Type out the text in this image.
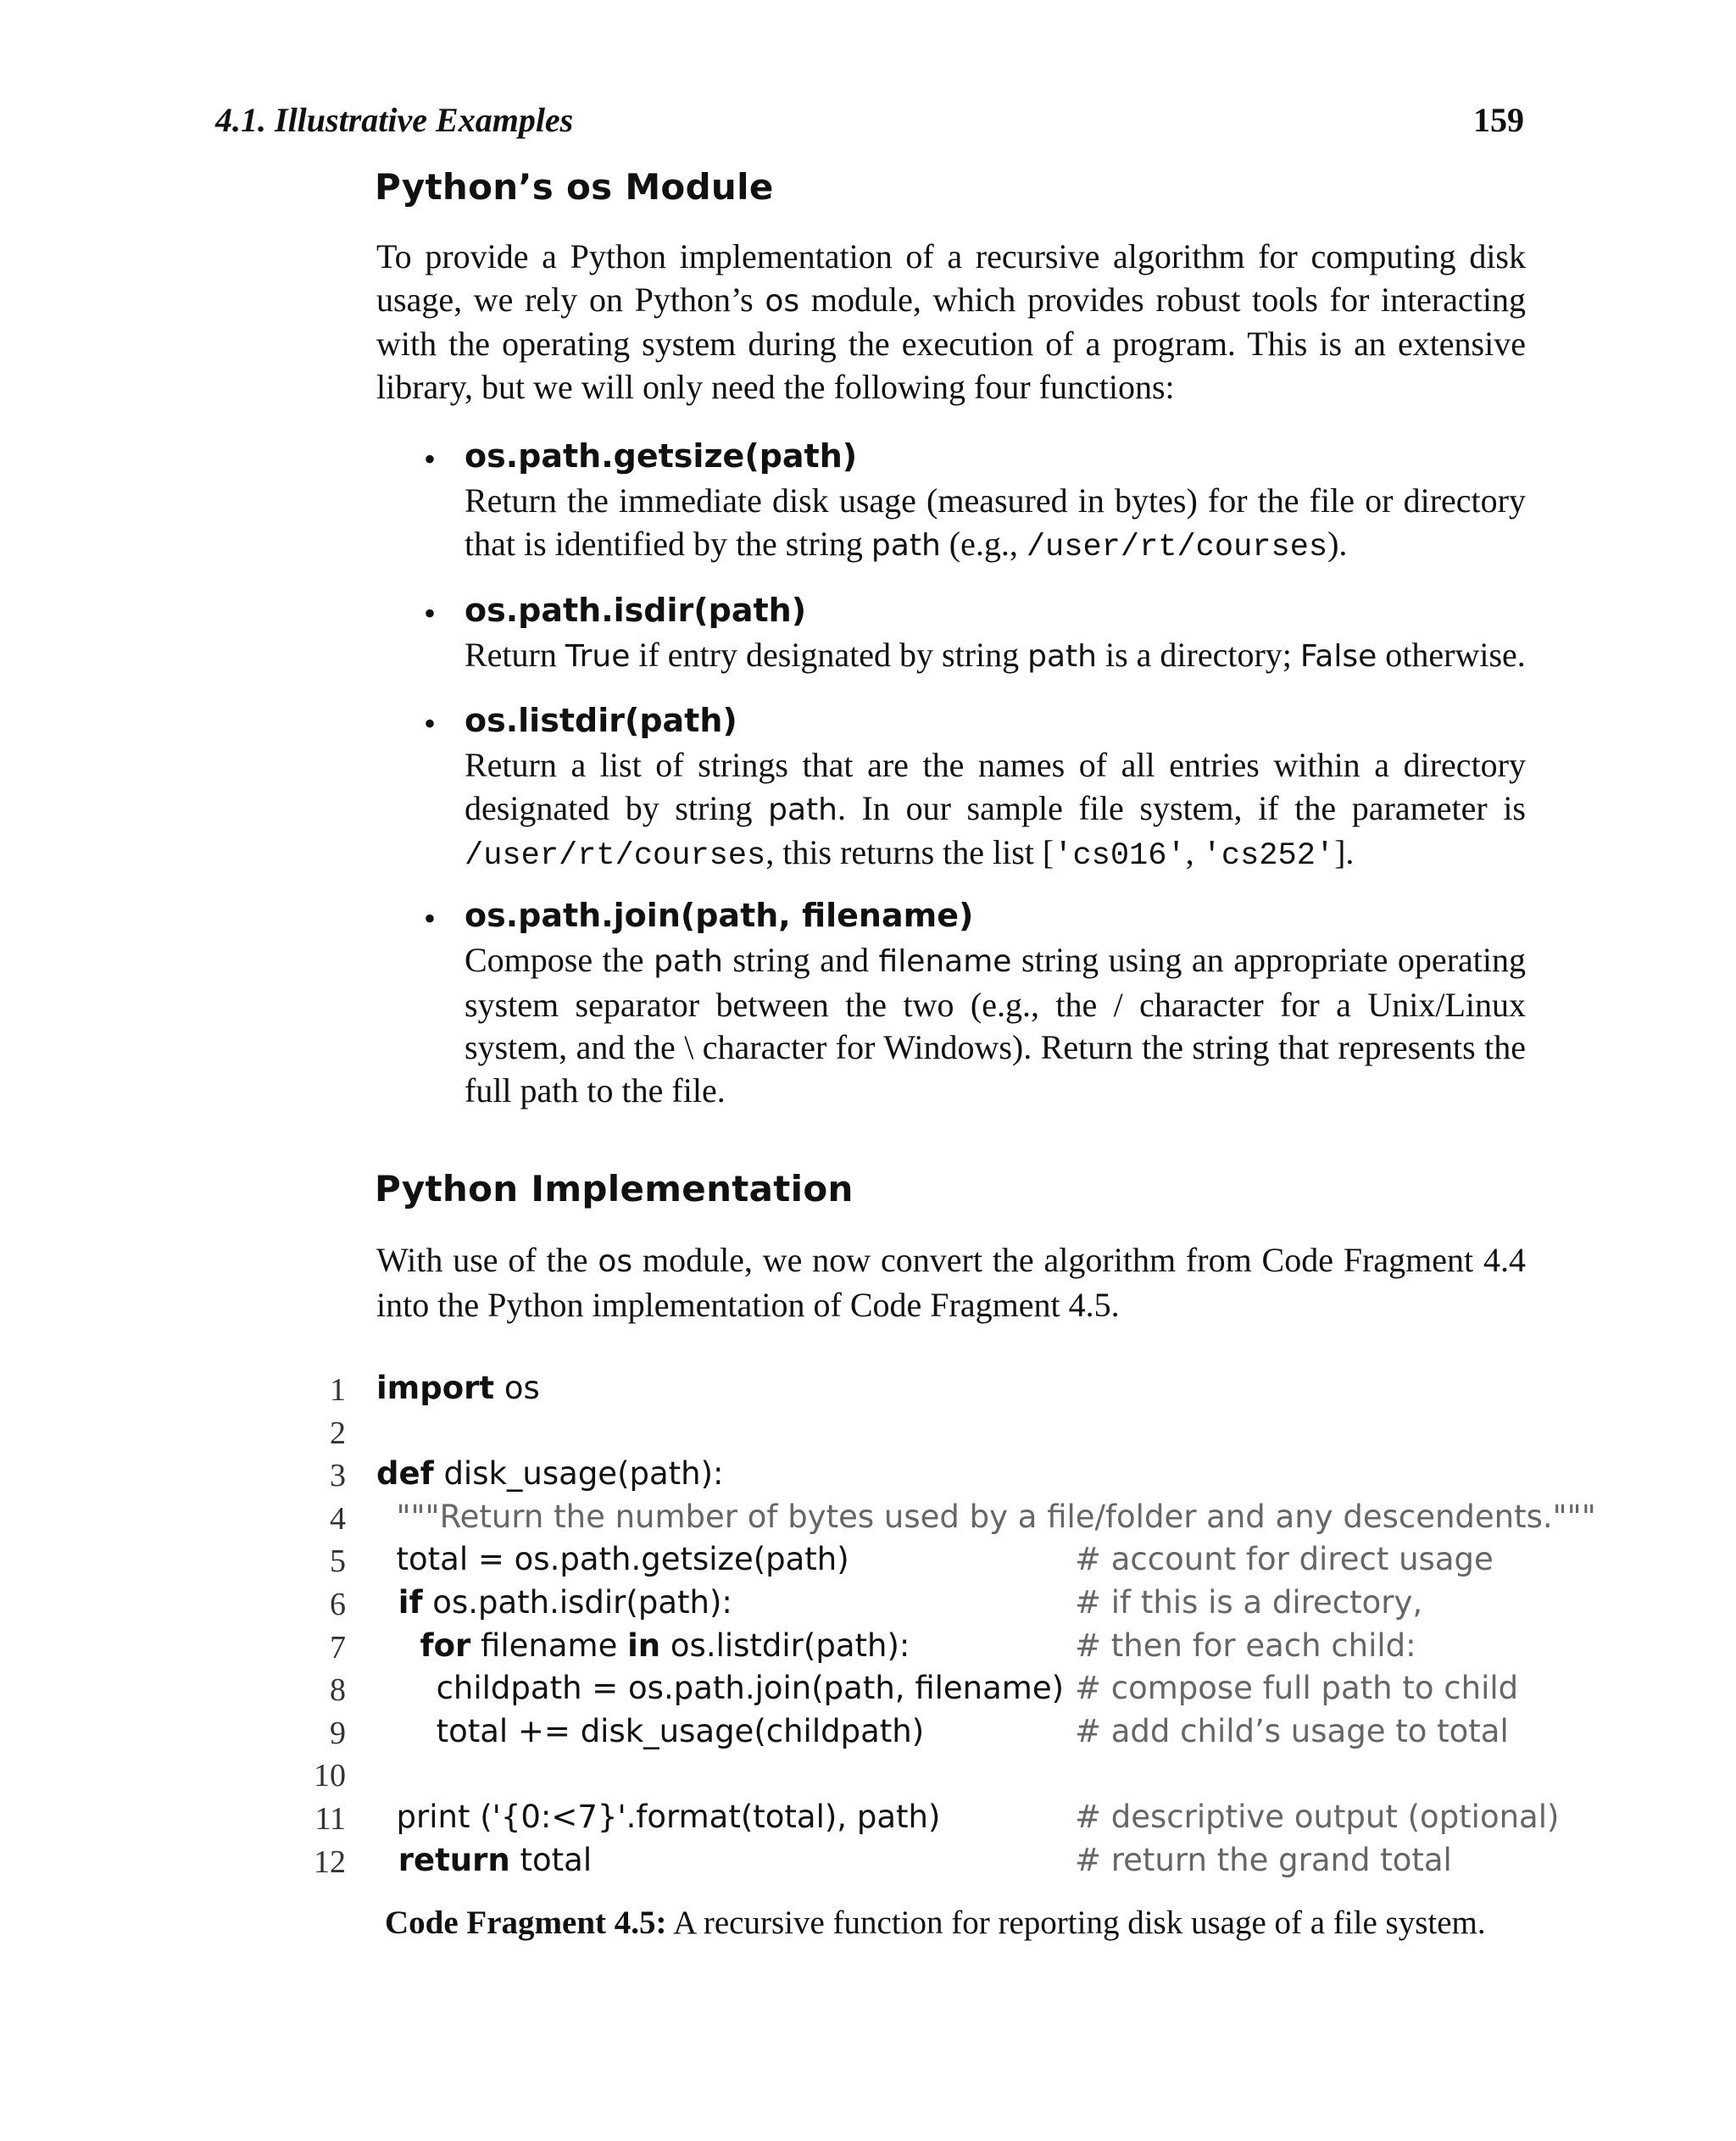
4.1. Illustrative Examples	159
Python’s os Module

To provide a Python implementation of a recursive algorithm for computing disk usage, we rely on Python’s os module, which provides robust tools for interacting with the operating system during the execution of a program. This is an extensive library, but we will only need the following four functions:

• os.path.getsize(path)

Return the immediate disk usage (measured in bytes) for the file or directory that is identified by the string path (e.g., /user/rt/courses).

• os.path.isdir(path)

Return True if entry designated by string path is a directory; False otherwise.

• os.listdir(path)

Return a list of strings that are the names of all entries within a directory designated by string path. In our sample file system, if the parameter is /user/rt/courses, this returns the list ['cs016', 'cs252'].

• os.path.join(path, filename)

Compose the path string and filename string using an appropriate operating system separator between the two (e.g., the / character for a Unix/Linux system, and the \ character for Windows). Return the string that represents the full path to the file.

Python Implementation

With use of the os module, we now convert the algorithm from Code Fragment 4.4 into the Python implementation of Code Fragment 4.5.

1 import os
2
3 def disk_usage(path):
4 """Return the number of bytes used by a file/folder and any descendents."""
5 total = os.path.getsize(path)	# account for direct usage
6 if os.path.isdir(path):	# if this is a directory,
7 for filename in os.listdir(path):	# then for each child:
8 childpath = os.path.join(path, filename) # compose full path to child
9 total += disk_usage(childpath)	# add child’s usage to total
10
11 print ('{0:<7}'.format(total), path)	# descriptive output (optional)
12 return total	# return the grand total
Code Fragment 4.5: A recursive function for reporting disk usage of a file system.
